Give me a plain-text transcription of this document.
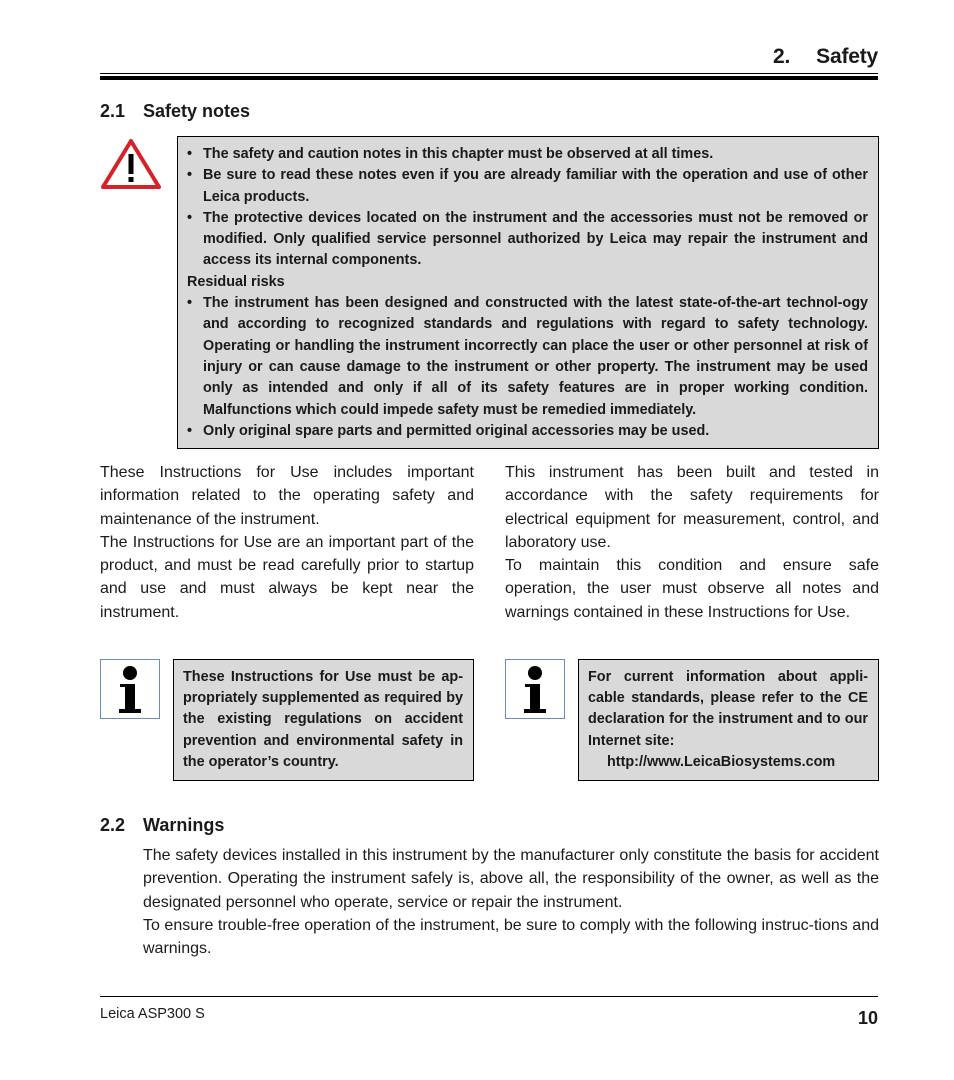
2. Safety
2.1 Safety notes
• The safety and caution notes in this chapter must be observed at all times.
• Be sure to read these notes even if you are already familiar with the operation and use of other Leica products.
• The protective devices located on the instrument and the accessories must not be removed or modified. Only qualified service personnel authorized by Leica may repair the instrument and access its internal components.
Residual risks
• The instrument has been designed and constructed with the latest state-of-the-art technol-ogy and according to recognized standards and regulations with regard to safety technology. Operating or handling the instrument incorrectly can place the user or other personnel at risk of injury or can cause damage to the instrument or other property. The instrument may be used only as intended and only if all of its safety features are in proper working condition. Malfunctions which could impede safety must be remedied immediately.
• Only original spare parts and permitted original accessories may be used.

These Instructions for Use includes important information related to the operating safety and maintenance of the instrument.

The Instructions for Use are an important part of the product, and must be read carefully prior to startup and use and must always be kept near the instrument.

This instrument has been built and tested in accordance with the safety requirements for electrical equipment for measurement, control, and laboratory use.

To maintain this condition and ensure safe operation, the user must observe all notes and warnings contained in these Instructions for Use.

These Instructions for Use must be ap-propriately supplemented as required by the existing regulations on accident prevention and environmental safety in the operator’s country.

For current information about appli-cable standards, please refer to the CE declaration for the instrument and to our Internet site:

http://www.LeicaBiosystems.com

2.2 Warnings

The safety devices installed in this instrument by the manufacturer only constitute the basis for accident prevention. Operating the instrument safely is, above all, the responsibility of the owner, as well as the designated personnel who operate, service or repair the instrument.

To ensure trouble-free operation of the instrument, be sure to comply with the following instruc-tions and warnings.

Leica ASP300 S	10
